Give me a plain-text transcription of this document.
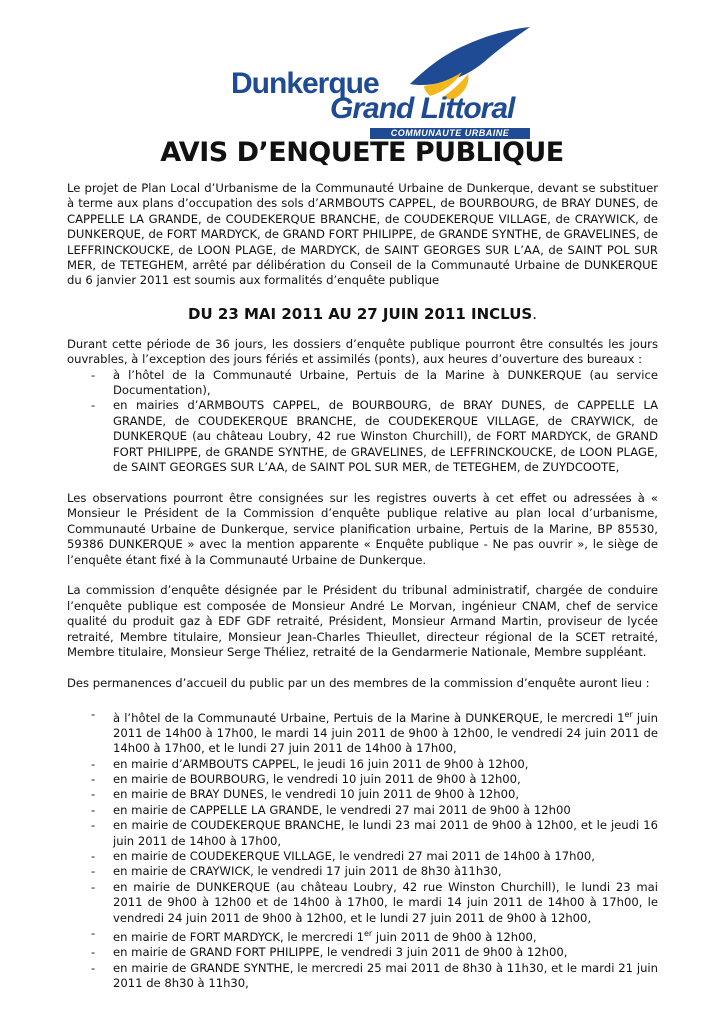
Dunkerque
Grand Littoral
COMMUNAUTE URBAINE
AVIS D’ENQUETE PUBLIQUE

Le projet de Plan Local d’Urbanisme de la Communauté Urbaine de Dunkerque, devant se substituer à terme aux plans d’occupation des sols d’ARMBOUTS CAPPEL, de BOURBOURG, de BRAY DUNES, de CAPPELLE LA GRANDE, de COUDEKERQUE BRANCHE, de COUDEKERQUE VILLAGE, de CRAYWICK, de DUNKERQUE, de FORT MARDYCK, de GRAND FORT PHILIPPE, de GRANDE SYNTHE, de GRAVELINES, de LEFFRINCKOUCKE, de LOON PLAGE, de MARDYCK, de SAINT GEORGES SUR L’AA, de SAINT POL SUR MER, de TETEGHEM, arrêté par délibération du Conseil de la Communauté Urbaine de DUNKERQUE du 6 janvier 2011 est soumis aux formalités d’enquête publique

DU 23 MAI 2011 AU 27 JUIN 2011 INCLUS.

Durant cette période de 36 jours, les dossiers d’enquête publique pourront être consultés les jours ouvrables, à l’exception des jours fériés et assimilés (ponts), aux heures d’ouverture des bureaux :

- à l’hôtel de la Communauté Urbaine, Pertuis de la Marine à DUNKERQUE (au service Documentation),
- en mairies d’ARMBOUTS CAPPEL, de BOURBOURG, de BRAY DUNES, de CAPPELLE LA GRANDE, de COUDEKERQUE BRANCHE, de COUDEKERQUE VILLAGE, de CRAYWICK, de DUNKERQUE (au château Loubry, 42 rue Winston Churchill), de FORT MARDYCK, de GRAND FORT PHILIPPE, de GRANDE SYNTHE, de GRAVELINES, de LEFFRINCKOUCKE, de LOON PLAGE, de SAINT GEORGES SUR L’AA, de SAINT POL SUR MER, de TETEGHEM, de ZUYDCOOTE,

Les observations pourront être consignées sur les registres ouverts à cet effet ou adressées à « Monsieur le Président de la Commission d’enquête publique relative au plan local d’urbanisme, Communauté Urbaine de Dunkerque, service planification urbaine, Pertuis de la Marine, BP 85530, 59386 DUNKERQUE » avec la mention apparente « Enquête publique - Ne pas ouvrir », le siège de l’enquête étant fixé à la Communauté Urbaine de Dunkerque.

La commission d’enquête désignée par le Président du tribunal administratif, chargée de conduire l’enquête publique est composée de Monsieur André Le Morvan, ingénieur CNAM, chef de service qualité du produit gaz à EDF GDF retraité, Président, Monsieur Armand Martin, proviseur de lycée retraité, Membre titulaire, Monsieur Jean-Charles Thieullet, directeur régional de la SCET retraité, Membre titulaire, Monsieur Serge Théliez, retraité de la Gendarmerie Nationale, Membre suppléant.

Des permanences d’accueil du public par un des membres de la commission d’enquête auront lieu :

- à l’hôtel de la Communauté Urbaine, Pertuis de la Marine à DUNKERQUE, le mercredi 1er juin 2011 de 14h00 à 17h00, le mardi 14 juin 2011 de 9h00 à 12h00, le vendredi 24 juin 2011 de 14h00 à 17h00, et le lundi 27 juin 2011 de 14h00 à 17h00,
- en mairie d’ARMBOUTS CAPPEL, le jeudi 16 juin 2011 de 9h00 à 12h00,
- en mairie de BOURBOURG, le vendredi 10 juin 2011 de 9h00 à 12h00,
- en mairie de BRAY DUNES, le vendredi 10 juin 2011 de 9h00 à 12h00,
- en mairie de CAPPELLE LA GRANDE, le vendredi 27 mai 2011 de 9h00 à 12h00
- en mairie de COUDEKERQUE BRANCHE, le lundi 23 mai 2011 de 9h00 à 12h00, et le jeudi 16 juin 2011 de 14h00 à 17h00,
- en mairie de COUDEKERQUE VILLAGE, le vendredi 27 mai 2011 de 14h00 à 17h00,
- en mairie de CRAYWICK, le vendredi 17 juin 2011 de 8h30 à11h30,
- en mairie de DUNKERQUE (au château Loubry, 42 rue Winston Churchill), le lundi 23 mai 2011 de 9h00 à 12h00 et de 14h00 à 17h00, le mardi 14 juin 2011 de 14h00 à 17h00, le vendredi 24 juin 2011 de 9h00 à 12h00, et le lundi 27 juin 2011 de 9h00 à 12h00,
- en mairie de FORT MARDYCK, le mercredi 1er juin 2011 de 9h00 à 12h00,
- en mairie de GRAND FORT PHILIPPE, le vendredi 3 juin 2011 de 9h00 à 12h00,
- en mairie de GRANDE SYNTHE, le mercredi 25 mai 2011 de 8h30 à 11h30, et le mardi 21 juin 2011 de 8h30 à 11h30,
